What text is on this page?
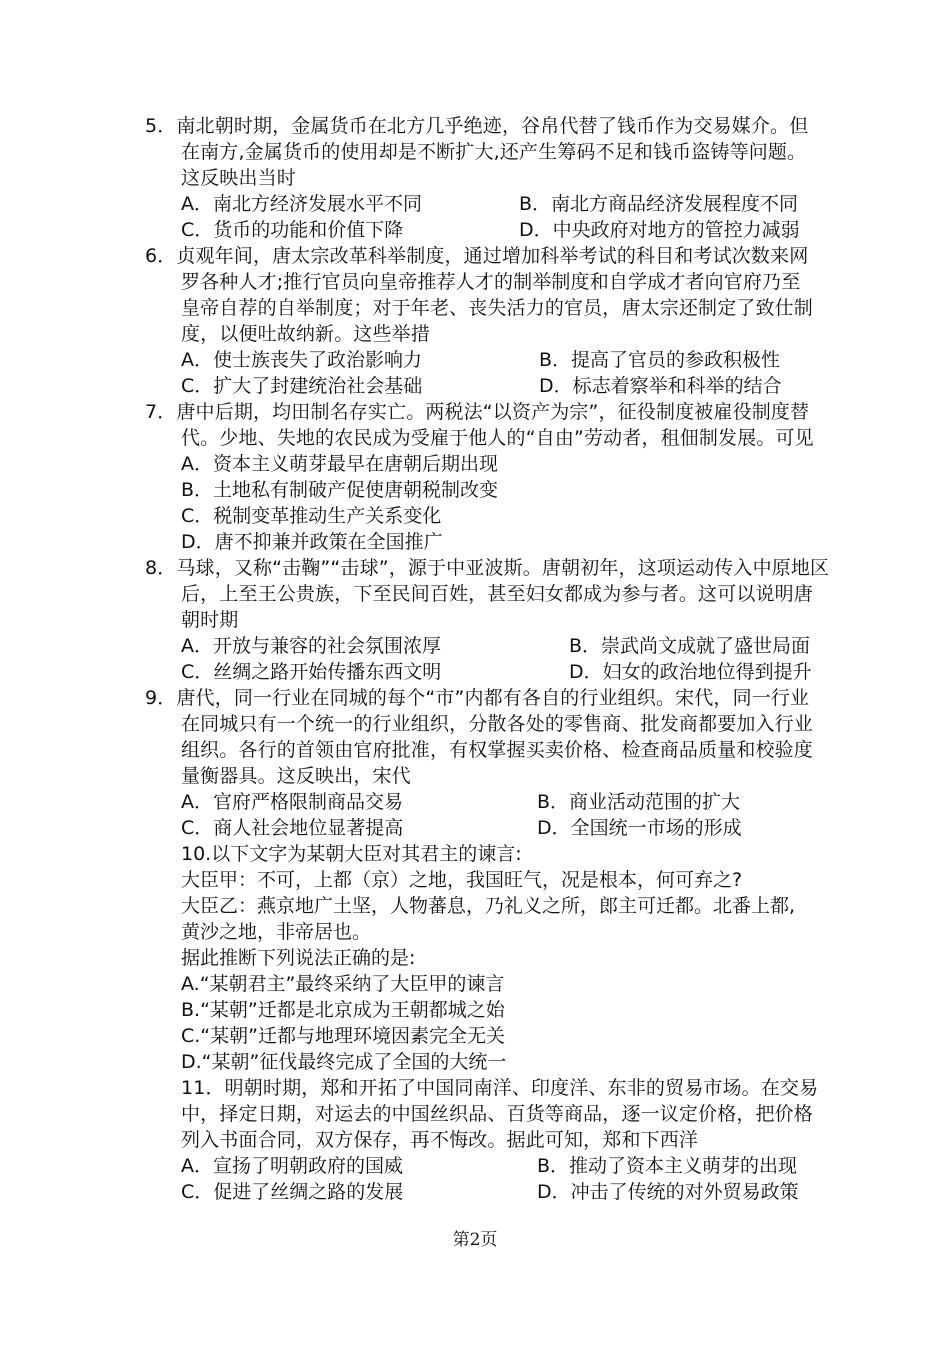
5．南北朝时期，金属货币在北方几乎绝迹，谷帛代替了钱币作为交易媒介。但
在南方,金属货币的使用却是不断扩大,还产生筹码不足和钱币盗铸等问题。
这反映出当时
A．南北方经济发展水平不同	B．南北方商品经济发展程度不同
C．货币的功能和价值下降	D．中央政府对地方的管控力减弱
6．贞观年间，唐太宗改革科举制度，通过增加科举考试的科目和考试次数来网
罗各种人才;推行官员向皇帝推荐人才的制举制度和自学成才者向官府乃至
皇帝自荐的自举制度；对于年老、丧失活力的官员，唐太宗还制定了致仕制
度，以便吐故纳新。这些举措
A．使士族丧失了政治影响力	B．提高了官员的参政积极性
C．扩大了封建统治社会基础	D．标志着察举和科举的结合
7．唐中后期，均田制名存实亡。两税法“以资产为宗”，征役制度被雇役制度替
代。少地、失地的农民成为受雇于他人的“自由”劳动者，租佃制发展。可见
A．资本主义萌芽最早在唐朝后期出现
B．土地私有制破产促使唐朝税制改变
C．税制变革推动生产关系变化
D．唐不抑兼并政策在全国推广
8．马球，又称“击鞠”“击球”，源于中亚波斯。唐朝初年，这项运动传入中原地区
后，上至王公贵族，下至民间百姓，甚至妇女都成为参与者。这可以说明唐
朝时期
A．开放与兼容的社会氛围浓厚	B．崇武尚文成就了盛世局面
C．丝绸之路开始传播东西文明	D．妇女的政治地位得到提升
9．唐代，同一行业在同城的每个“市”内都有各自的行业组织。宋代，同一行业
在同城只有一个统一的行业组织，分散各处的零售商、批发商都要加入行业
组织。各行的首领由官府批准，有权掌握买卖价格、检查商品质量和校验度
量衡器具。这反映出，宋代
A．官府严格限制商品交易	B．商业活动范围的扩大
C．商人社会地位显著提高	D．全国统一市场的形成
10.以下文字为某朝大臣对其君主的谏言:
大臣甲：不可，上都（京）之地，我国旺气，况是根本，何可弃之?
大臣乙：燕京地广土坚，人物蕃息，乃礼义之所，郎主可迁都。北番上都,
黄沙之地，非帝居也。
据此推断下列说法正确的是:
A.“某朝君主”最终采纳了大臣甲的谏言
B.“某朝”迁都是北京成为王朝都城之始
C.“某朝”迁都与地理环境因素完全无关
D.“某朝”征伐最终完成了全国的大统一
11．明朝时期，郑和开拓了中国同南洋、印度洋、东非的贸易市场。在交易
中，择定日期，对运去的中国丝织品、百货等商品，逐一议定价格，把价格
列入书面合同，双方保存，再不悔改。据此可知，郑和下西洋
A．宣扬了明朝政府的国威	B．推动了资本主义萌芽的出现
C．促进了丝绸之路的发展	D．冲击了传统的对外贸易政策
第2页
